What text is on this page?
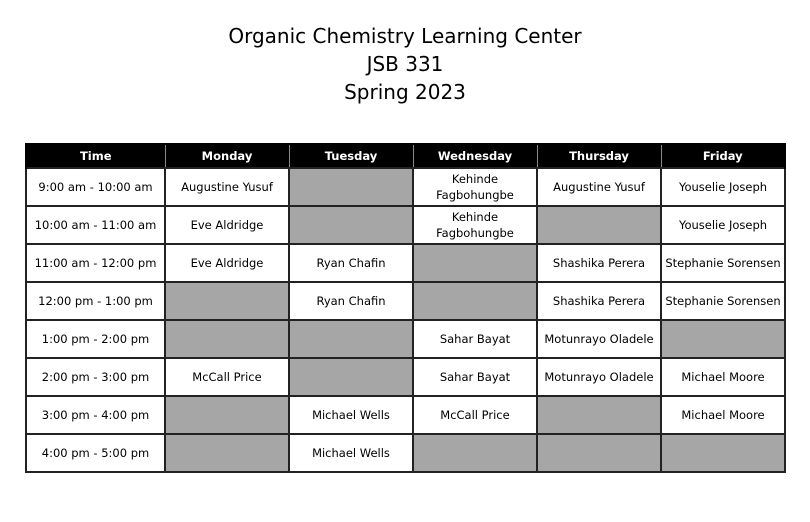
Organic Chemistry Learning Center
JSB 331
Spring 2023
Time	Monday	Tuesday	Wednesday	Thursday	Friday
9:00 am - 10:00 am	Augustine Yusuf		Kehinde Fagbohungbe	Augustine Yusuf	Youselie Joseph
10:00 am - 11:00 am	Eve Aldridge		Kehinde Fagbohungbe		Youselie Joseph
11:00 am - 12:00 pm	Eve Aldridge	Ryan Chafin		Shashika Perera	Stephanie Sorensen
12:00 pm - 1:00 pm		Ryan Chafin		Shashika Perera	Stephanie Sorensen
1:00 pm - 2:00 pm			Sahar Bayat	Motunrayo Oladele	
2:00 pm - 3:00 pm	McCall Price		Sahar Bayat	Motunrayo Oladele	Michael Moore
3:00 pm - 4:00 pm		Michael Wells	McCall Price		Michael Moore
4:00 pm - 5:00 pm		Michael Wells			
